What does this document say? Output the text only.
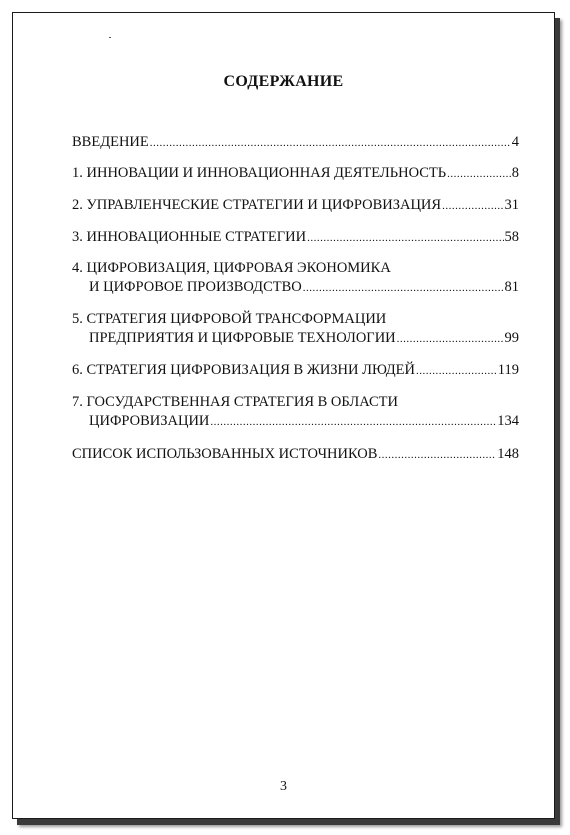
СОДЕРЖАНИЕ
ВВЕДЕНИЕ .....	4
1. ИННОВАЦИИ И ИННОВАЦИОННАЯ ДЕЯТЕЛЬНОСТЬ .....	8
2. УПРАВЛЕНЧЕСКИЕ СТРАТЕГИИ И ЦИФРОВИЗАЦИЯ .....	31
3. ИННОВАЦИОННЫЕ СТРАТЕГИИ .....	58
4. ЦИФРОВИЗАЦИЯ, ЦИФРОВАЯ ЭКОНОМИКА
И ЦИФРОВОЕ ПРОИЗВОДСТВО .....	81
5. СТРАТЕГИЯ ЦИФРОВОЙ ТРАНСФОРМАЦИИ
ПРЕДПРИЯТИЯ И ЦИФРОВЫЕ ТЕХНОЛОГИИ .....	99
6. СТРАТЕГИЯ ЦИФРОВИЗАЦИЯ В ЖИЗНИ ЛЮДЕЙ .....	119
7. ГОСУДАРСТВЕННАЯ СТРАТЕГИЯ В ОБЛАСТИ
ЦИФРОВИЗАЦИИ .....	134
СПИСОК ИСПОЛЬЗОВАННЫХ ИСТОЧНИКОВ .....	148
3
